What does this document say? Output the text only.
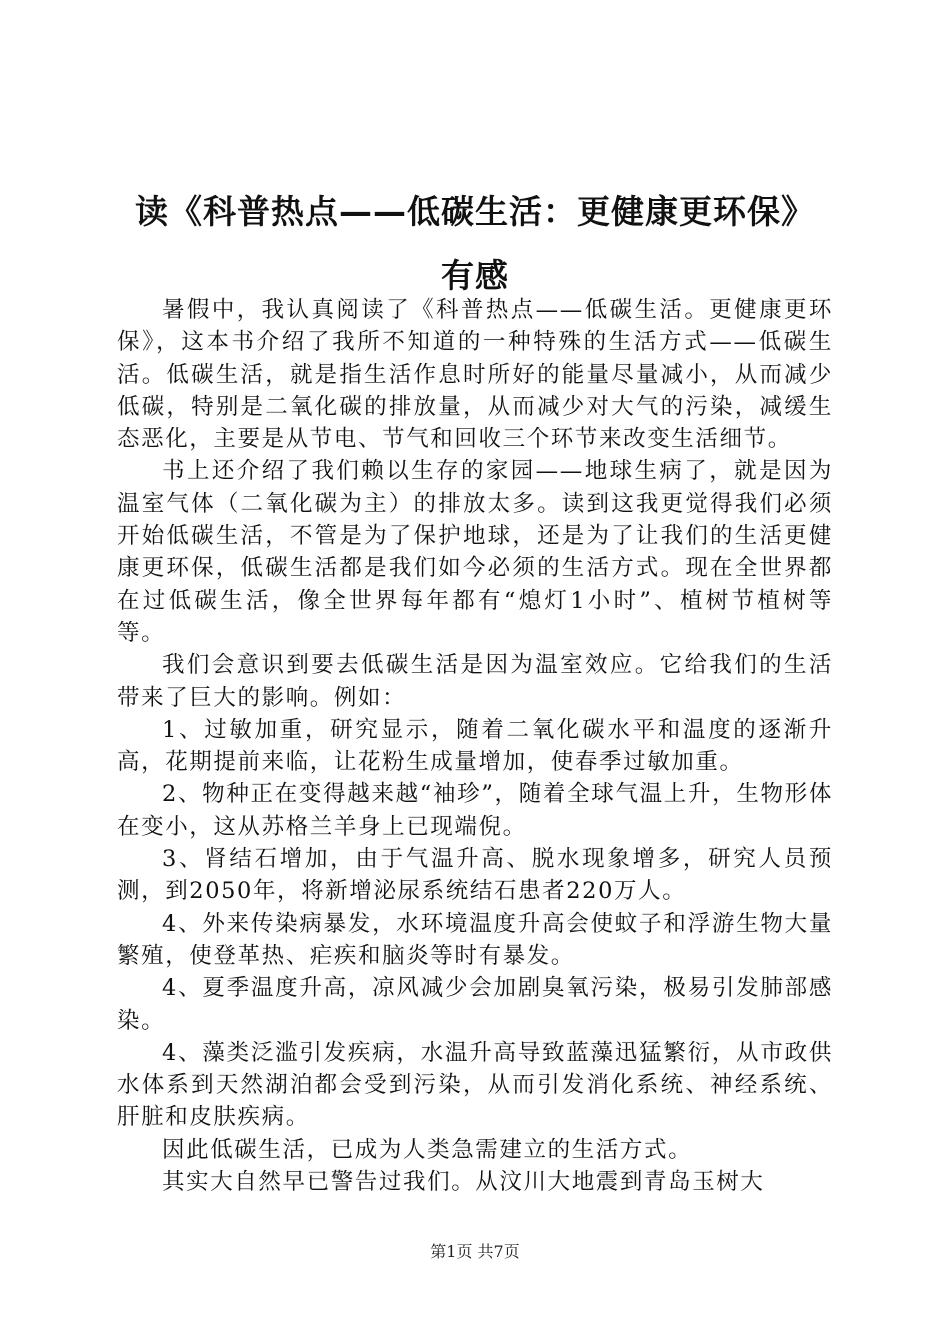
读《科普热点——低碳生活：更健康更环保》
有感

暑假中，我认真阅读了《科普热点——低碳生活。更健康更环保》，这本书介绍了我所不知道的一种特殊的生活方式——低碳生活。低碳生活，就是指生活作息时所好的能量尽量减小，从而减少低碳，特别是二氧化碳的排放量，从而减少对大气的污染，减缓生态恶化，主要是从节电、节气和回收三个环节来改变生活细节。

书上还介绍了我们赖以生存的家园——地球生病了，就是因为温室气体（二氧化碳为主）的排放太多。读到这我更觉得我们必须开始低碳生活，不管是为了保护地球，还是为了让我们的生活更健康更环保，低碳生活都是我们如今必须的生活方式。现在全世界都在过低碳生活，像全世界每年都有“熄灯1小时”、植树节植树等等。

我们会意识到要去低碳生活是因为温室效应。它给我们的生活带来了巨大的影响。例如：

1、过敏加重，研究显示，随着二氧化碳水平和温度的逐渐升高，花期提前来临，让花粉生成量增加，使春季过敏加重。

2、物种正在变得越来越“袖珍”，随着全球气温上升，生物形体在变小，这从苏格兰羊身上已现端倪。

3、肾结石增加，由于气温升高、脱水现象增多，研究人员预测，到2050年，将新增泌尿系统结石患者220万人。

4、外来传染病暴发，水环境温度升高会使蚊子和浮游生物大量繁殖，使登革热、疟疾和脑炎等时有暴发。

4、夏季温度升高，凉风减少会加剧臭氧污染，极易引发肺部感染。

4、藻类泛滥引发疾病，水温升高导致蓝藻迅猛繁衍，从市政供水体系到天然湖泊都会受到污染，从而引发消化系统、神经系统、肝脏和皮肤疾病。

因此低碳生活，已成为人类急需建立的生活方式。

其实大自然早已警告过我们。从汶川大地震到青岛玉树大

第1页 共7页
